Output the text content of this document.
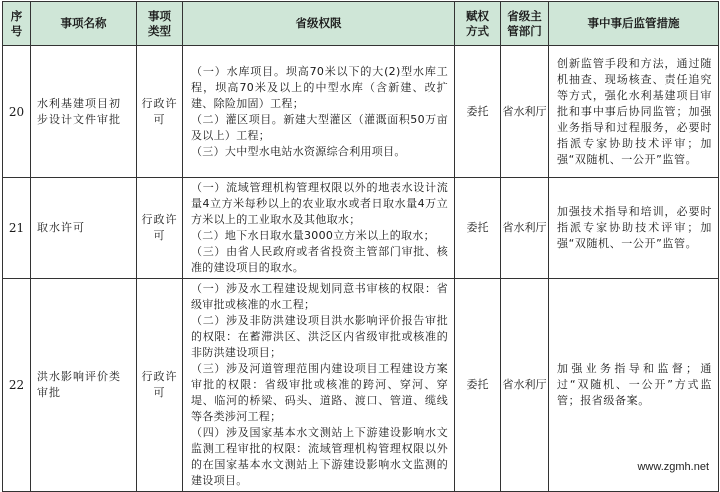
序号	事项名称	事项类型	省级权限	赋权方式	省级主管部门	事中事后监管措施
20	水利基建项目初步设计文件审批	行政许可	（一）水库项目。坝高70米以下的大(2)型水库工程，坝高70米及以上的中型水库（含新建、改扩建、除险加固）工程；

（二）灌区项目。新建大型灌区（灌溉面积50万亩及以上）工程；

（三）大中型水电站水资源综合利用项目。	委托	省水利厅	创新监管手段和方法，通过随机抽查、现场核查、责任追究等方式，强化水利基建项目审批和事中事后协同监管；加强业务指导和过程服务，必要时指派专家协助技术评审；加强“双随机、一公开”监管。
21	取水许可	行政许可	（一）流域管理机构管理权限以外的地表水设计流量4立方米每秒以上的农业取水或者日取水量4万立方米以上的工业取水及其他取水；

（二）地下水日取水量3000立方米以上的取水；

（三）由省人民政府或者省投资主管部门审批、核准的建设项目的取水。	委托	省水利厅	加强技术指导和培训，必要时指派专家协助技术评审；加强“双随机、一公开”监管。
22	洪水影响评价类审批	行政许可	（一）涉及水工程建设规划同意书审核的权限：省级审批或核准的水工程；

（二）涉及非防洪建设项目洪水影响评价报告审批的权限：在蓄滞洪区、洪泛区内省级审批或核准的非防洪建设项目；

（三）涉及河道管理范围内建设项目工程建设方案审批的权限：省级审批或核准的跨河、穿河、穿堤、临河的桥梁、码头、道路、渡口、管道、缆线等各类涉河工程；

（四）涉及国家基本水文测站上下游建设影响水文监测工程审批的权限：流域管理机构管理权限以外的在国家基本水文测站上下游建设影响水文监测的建设项目。	委托	省水利厅	加强业务指导和监督；通过“双随机、一公开”方式监管；报省级备案。
www.zgmh.net
